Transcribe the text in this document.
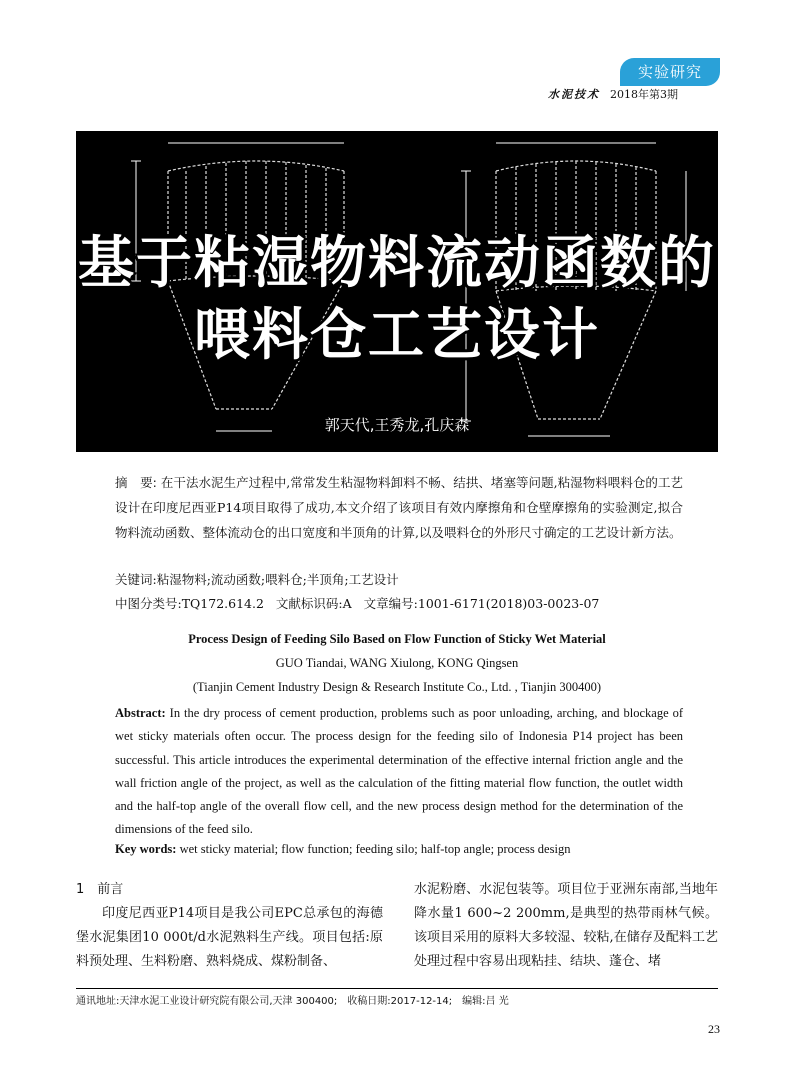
实验研究
水泥技术 2018年第3期
基于粘湿物料流动函数的
喂料仓工艺设计
郭天代,王秀龙,孔庆森
摘　要: 在干法水泥生产过程中,常常发生粘湿物料卸料不畅、结拱、堵塞等问题,粘湿物料喂料仓的工艺设计在印度尼西亚P14项目取得了成功,本文介绍了该项目有效内摩擦角和仓壁摩擦角的实验测定,拟合物料流动函数、整体流动仓的出口宽度和半顶角的计算,以及喂料仓的外形尺寸确定的工艺设计新方法。
关键词:粘湿物料;流动函数;喂料仓;半顶角;工艺设计
中图分类号:TQ172.614.2 文献标识码:A 文章编号:1001-6171(2018)03-0023-07
Process Design of Feeding Silo Based on Flow Function of Sticky Wet Material
GUO Tiandai, WANG Xiulong, KONG Qingsen
(Tianjin Cement Industry Design & Research Institute Co., Ltd. , Tianjin 300400)
Abstract: In the dry process of cement production, problems such as poor unloading, arching, and blockage of wet sticky materials often occur. The process design for the feeding silo of Indonesia P14 project has been successful. This article introduces the experimental determination of the effective internal friction angle and the wall friction angle of the project, as well as the calculation of the fitting material flow function, the outlet width and the half-top angle of the overall flow cell, and the new process design method for the determination of the dimensions of the feed silo.
Key words: wet sticky material; flow function; feeding silo; half-top angle; process design
1　前言
印度尼西亚P14项目是我公司EPC总承包的海德堡水泥集团10 000t/d水泥熟料生产线。项目包括:原料预处理、生料粉磨、熟料烧成、煤粉制备、
水泥粉磨、水泥包装等。项目位于亚洲东南部,当地年降水量1 600~2 200mm,是典型的热带雨林气候。该项目采用的原料大多较湿、较粘,在储存及配料工艺处理过程中容易出现粘挂、结块、蓬仓、堵
通讯地址:天津水泥工业设计研究院有限公司,天津 300400; 收稿日期:2017-12-14; 编辑:吕 光
23
